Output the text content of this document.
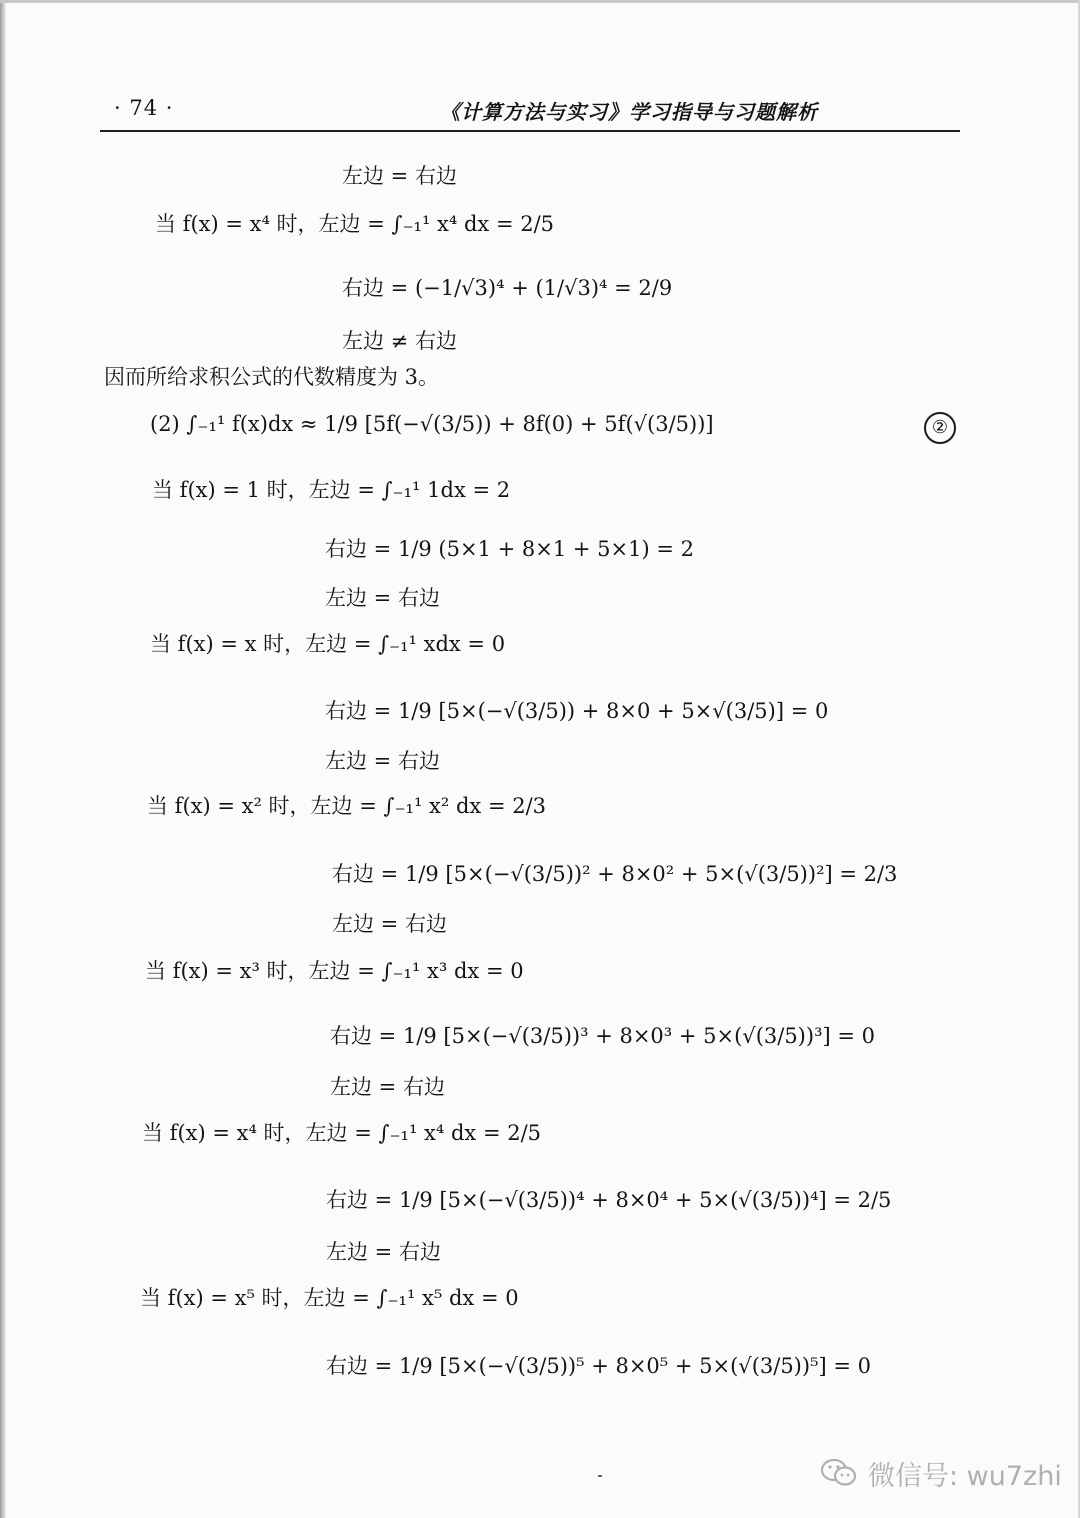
· 74 ·	《计算方法与实习》学习指导与习题解析
左边 = 右边
当 f(x) = x⁴ 时，左边 = ∫₋₁¹ x⁴ dx = 2/5
右边 = (−1/√3)⁴ + (1/√3)⁴ = 2/9
左边 ≠ 右边
因而所给求积公式的代数精度为 3。
(2) ∫₋₁¹ f(x)dx ≈ 1/9 [5f(−√(3/5)) + 8f(0) + 5f(√(3/5))]	②
当 f(x) = 1 时，左边 = ∫₋₁¹ 1dx = 2
右边 = 1/9 (5×1 + 8×1 + 5×1) = 2
左边 = 右边
当 f(x) = x 时，左边 = ∫₋₁¹ xdx = 0
右边 = 1/9 [5×(−√(3/5)) + 8×0 + 5×√(3/5)] = 0
左边 = 右边
当 f(x) = x² 时，左边 = ∫₋₁¹ x² dx = 2/3
右边 = 1/9 [5×(−√(3/5))² + 8×0² + 5×(√(3/5))²] = 2/3
左边 = 右边
当 f(x) = x³ 时，左边 = ∫₋₁¹ x³ dx = 0
右边 = 1/9 [5×(−√(3/5))³ + 8×0³ + 5×(√(3/5))³] = 0
左边 = 右边
当 f(x) = x⁴ 时，左边 = ∫₋₁¹ x⁴ dx = 2/5
右边 = 1/9 [5×(−√(3/5))⁴ + 8×0⁴ + 5×(√(3/5))⁴] = 2/5
左边 = 右边
当 f(x) = x⁵ 时，左边 = ∫₋₁¹ x⁵ dx = 0
右边 = 1/9 [5×(−√(3/5))⁵ + 8×0⁵ + 5×(√(3/5))⁵] = 0
微信号: wu7zhi
